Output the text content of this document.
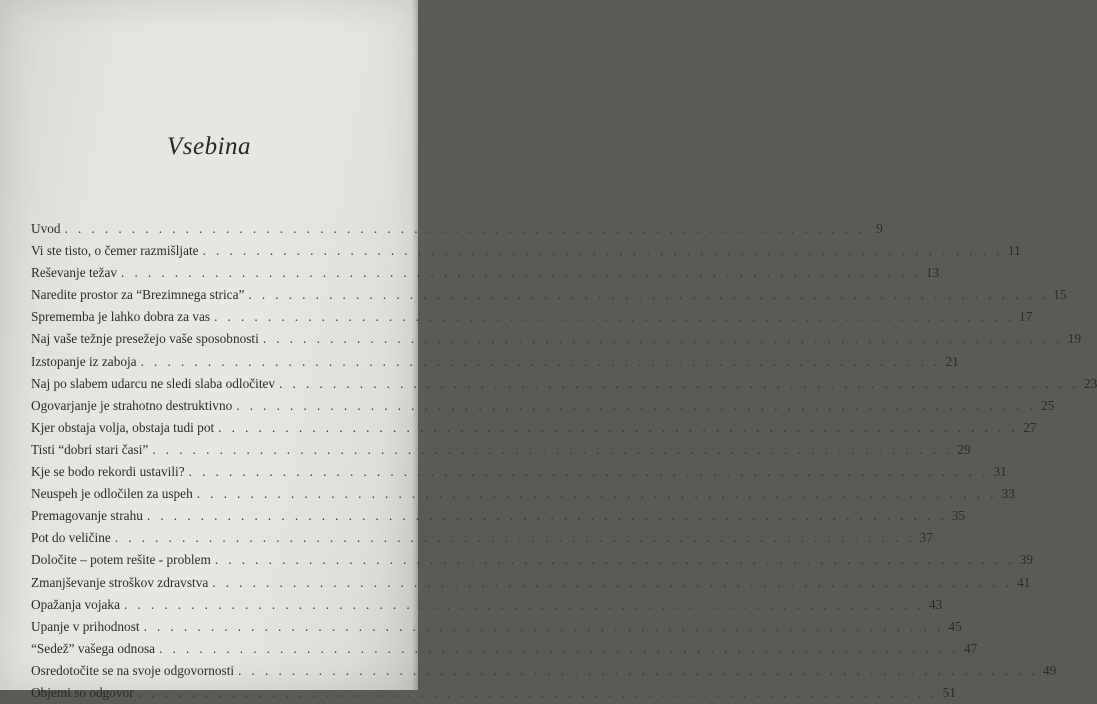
Vsebina
Uvod . . .	9
Vi ste tisto, o čemer razmišljate . . .	11
Reševanje težav . . .	13
Naredite prostor za “Brezimnega strica” . . .	15
Sprememba je lahko dobra za vas . . .	17
Naj vaše težnje presežejo vaše sposobnosti . . .	19
Izstopanje iz zaboja . . .	21
Naj po slabem udarcu ne sledi slaba odločitev . . .	23
Ogovarjanje je strahotno destruktivno . . .	25
Kjer obstaja volja, obstaja tudi pot . . .	27
Tisti “dobri stari časi” . . .	29
Kje se bodo rekordi ustavili? . . .	31
Neuspeh je odločilen za uspeh . . .	33
Premagovanje strahu . . .	35
Pot do veličine . . .	37
Določite – potem rešite - problem . . .	39
Zmanjševanje stroškov zdravstva . . .	41
Opažanja vojaka . . .	43
Upanje v prihodnost . . .	45
“Sedež” vašega odnosa . . .	47
Osredotočite se na svoje odgovornosti . . .	49
Objemi so odgovor . . .	51
